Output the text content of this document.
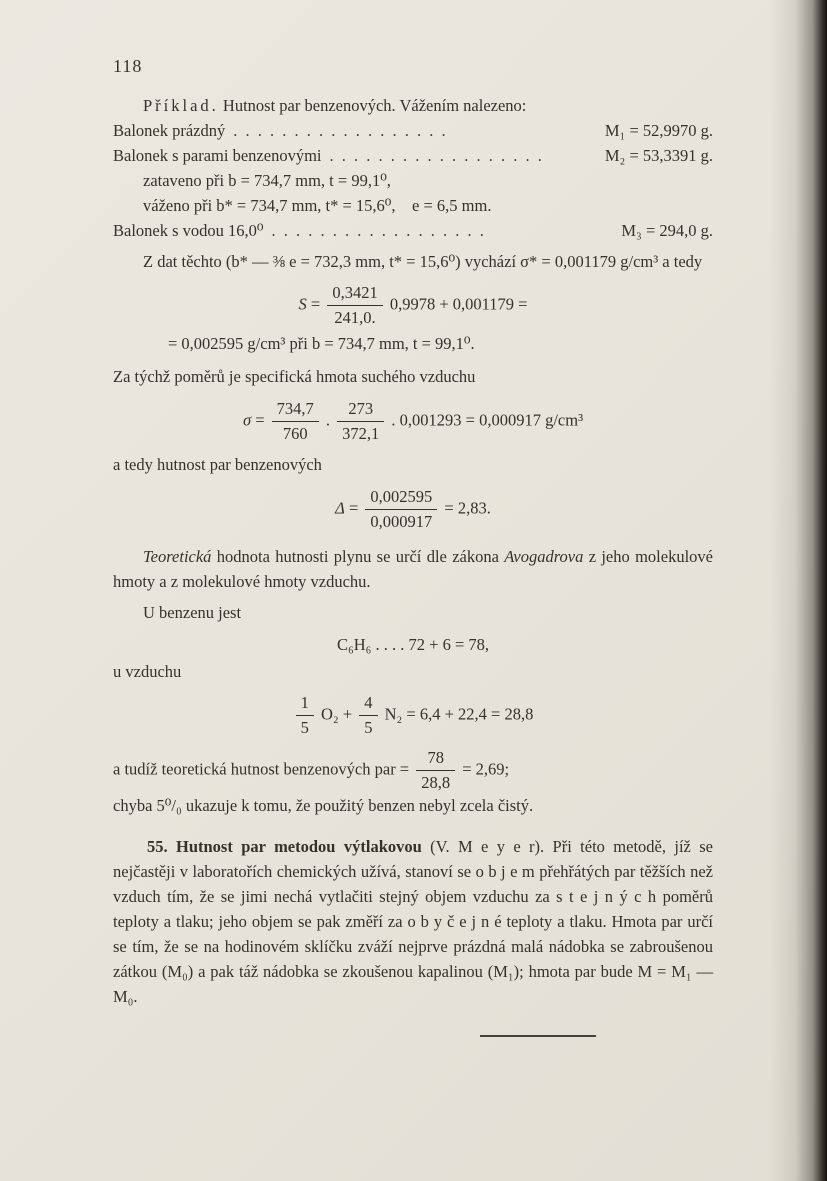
118

Příklad. Hutnost par benzenových. Vážením nalezeno:

Balonek prázdný . . . . . . . . . . . . . . . . . .	M₁ = 52,9970 g.
Balonek s parami benzenovými . . . . . . . . . . . . . . . . . .	M₂ = 53,3391 g.
zataveno při b = 734,7 mm, t = 99,1⁰,
váženo při b* = 734,7 mm, t* = 15,6⁰, e = 6,5 mm.
Balonek s vodou 16,0⁰ . . . . . . . . . . . . . . . . . .	M₃ = 294,0 g.

Z dat těchto (b* — ⅜ e = 732,3 mm, t* = 15,6⁰) vychází σ* = 0,001179 g/cm³ a tedy

$S = \frac{0,3421}{241,0.} 0,9978 + 0,001179$ =
= 0,002595 g/cm³ při b = 734,7 mm, t = 99,1⁰.

Za týchž poměrů je specifická hmota suchého vzduchu

$\sigma = \frac{734,7}{760}$ . $\frac{273}{372,1}$ . 0,001293 = 0,000917 g/cm³

a tedy hutnost par benzenových

$\Delta = \frac{0,002595}{0,000917} = 2,83$.

Teoretická hodnota hutnosti plynu se určí dle zákona Avogadrova z jeho molekulové hmoty a z molekulové hmoty vzduchu.

U benzenu jest

C₆H₆ . . . . 72 + 6 = 78,

u vzduchu

$\frac{1}{5} O_2 + \frac{4}{5} N_2 = 6,4 + 22,4 = 28,8$

a tudíž teoretická hutnost benzenových par = $\frac{78}{28,8} = 2,69$;

chyba 5⁰/₀ ukazuje k tomu, že použitý benzen nebyl zcela čistý.

55. Hutnost par metodou výtlakovou (V. M e y e r). Při této metodě, jíž se nejčastěji v laboratořích chemických užívá, stanoví se o b j e m přehřátých par těžších než vzduch tím, že se jimi nechá vytlačiti stejný objem vzduchu za s t e j n ý c h poměrů teploty a tlaku; jeho objem se pak změří za o b y č e j n é teploty a tlaku. Hmota par určí se tím, že se na hodinovém sklíčku zváží nejprve prázdná malá nádobka se zabroušenou zátkou (M₀) a pak táž nádobka se zkoušenou kapalinou (M₁); hmota par bude M = M₁ — M₀.
